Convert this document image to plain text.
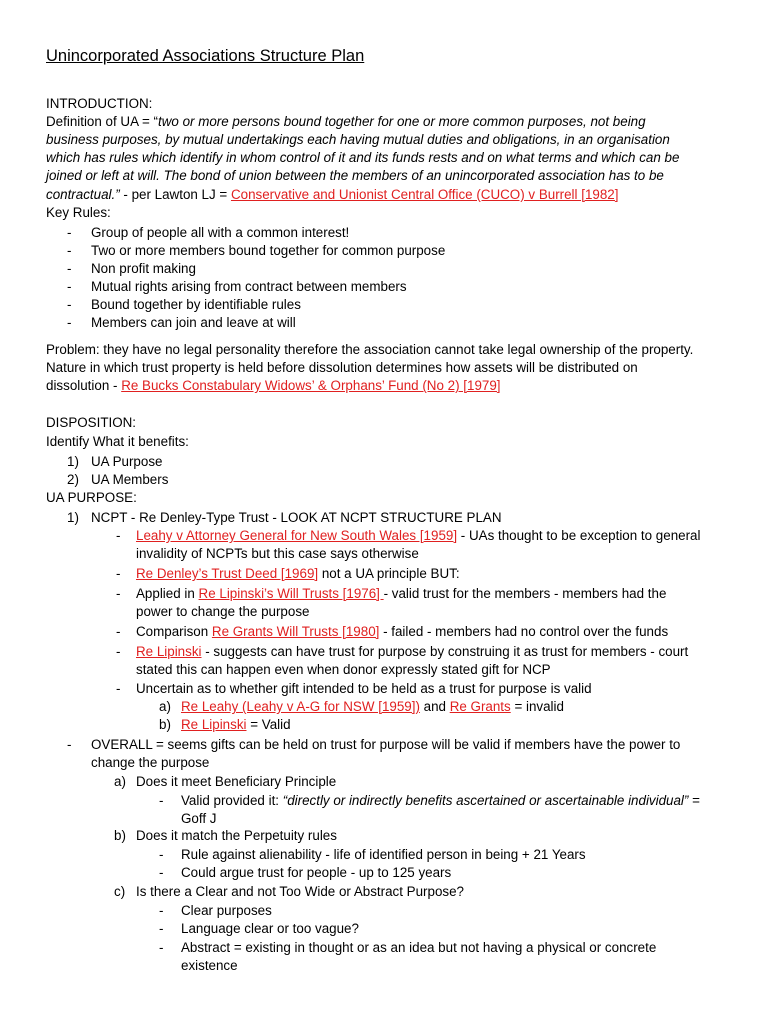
Unincorporated Associations Structure Plan
INTRODUCTION:
Definition of UA = “two or more persons bound together for one or more common purposes, not being
business purposes, by mutual undertakings each having mutual duties and obligations, in an organisation
which has rules which identify in whom control of it and its funds rests and on what terms and which can be
joined or left at will. The bond of union between the members of an unincorporated association has to be
contractual.” - per Lawton LJ = Conservative and Unionist Central Office (CUCO) v Burrell [1982]
Key Rules:
- Group of people all with a common interest!
- Two or more members bound together for common purpose
- Non profit making
- Mutual rights arising from contract between members
- Bound together by identifiable rules
- Members can join and leave at will
Problem: they have no legal personality therefore the association cannot take legal ownership of the property.
Nature in which trust property is held before dissolution determines how assets will be distributed on
dissolution - Re Bucks Constabulary Widows’ & Orphans’ Fund (No 2) [1979]
DISPOSITION:
Identify What it benefits:
1) UA Purpose
2) UA Members
UA PURPOSE:
1) NCPT - Re Denley-Type Trust - LOOK AT NCPT STRUCTURE PLAN
- Leahy v Attorney General for New South Wales [1959] - UAs thought to be exception to general
invalidity of NCPTs but this case says otherwise
- Re Denley’s Trust Deed [1969] not a UA principle BUT:
- Applied in Re Lipinski’s Will Trusts [1976] - valid trust for the members - members had the
power to change the purpose
- Comparison Re Grants Will Trusts [1980] - failed - members had no control over the funds
- Re Lipinski - suggests can have trust for purpose by construing it as trust for members - court
stated this can happen even when donor expressly stated gift for NCP
- Uncertain as to whether gift intended to be held as a trust for purpose is valid
a) Re Leahy (Leahy v A-G for NSW [1959]) and Re Grants = invalid
b) Re Lipinski = Valid
- OVERALL = seems gifts can be held on trust for purpose will be valid if members have the power to
change the purpose
a) Does it meet Beneficiary Principle
- Valid provided it: “directly or indirectly benefits ascertained or ascertainable individual” =
Goff J
b) Does it match the Perpetuity rules
- Rule against alienability - life of identified person in being + 21 Years
- Could argue trust for people - up to 125 years
c) Is there a Clear and not Too Wide or Abstract Purpose?
- Clear purposes
- Language clear or too vague?
- Abstract = existing in thought or as an idea but not having a physical or concrete
existence
